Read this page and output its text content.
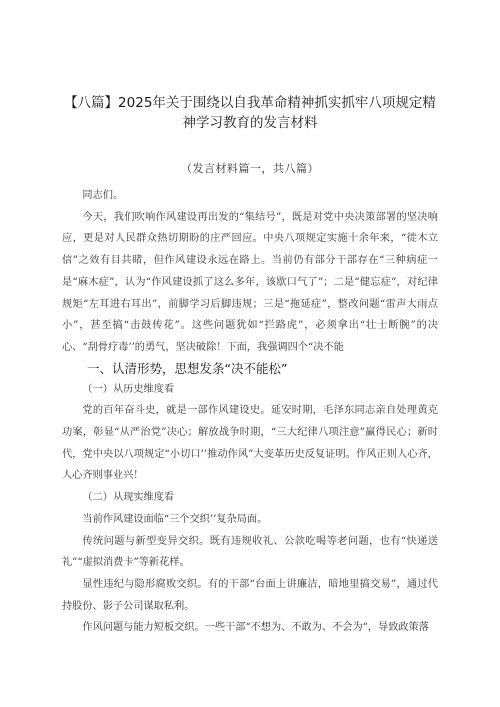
【八篇】2025年关于围绕以自我革命精神抓实抓牢八项规定精
神学习教育的发言材料
（发言材料篇一，共八篇）

同志们。

今天，我们吹响作风建设再出发的“集结号”，既是对党中央决策部署的坚决响应，更是对人民群众热切期盼的庄严回应。中央八项规定实施十余年来，“徙木立信”之效有目共睹，但作风建设永远在路上。当前仍有部分干部存在“三种病症一是“麻木症”，认为“作风建设抓了这么多年，该歇口气了”；二是“健忘症”，对纪律规矩“左耳进右耳出”，前脚学习后脚违规；三是“拖延症”，整改问题“雷声大雨点小”，甚至搞“击鼓传花”。这些问题犹如“拦路虎”，必须拿出“壮士断腕”的决心、“刮骨疗毒’’的勇气，坚决破除！下面，我强调四个“决不能

一、认清形势，思想发条“决不能松”
（一）从历史维度看

党的百年奋斗史，就是一部作风建设史。延安时期，毛泽东同志亲自处理黄克功案，彰显“从严治党”决心；解放战争时期，“三大纪律八项注意”赢得民心；新时代，党中央以八项规定“小切口’’推动作风”大变革历史反复证明。作风正则人心齐，人心齐则事业兴！

（二）从现实维度看

当前作风建设面临“三个交织’’复杂局面。

传统问题与新型变异交织。既有违规收礼、公款吃喝等老问题，也有“快递送礼”“虚拟消费卡”等新花样。

显性违纪与隐形腐败交织。有的干部“台面上讲廉洁，暗地里搞交易”，通过代持股份、影子公司谋取私利。

作风问题与能力短板交织。一些干部“不想为、不敢为、不会为“，导致政策落
